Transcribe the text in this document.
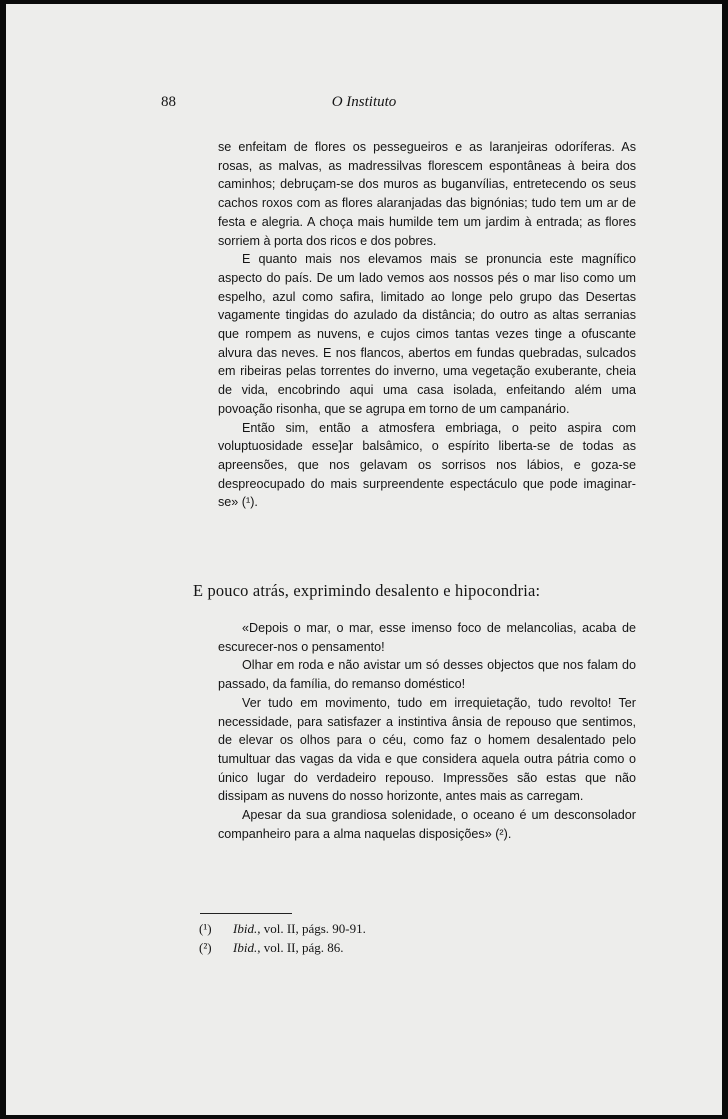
88	O Instituto

se enfeitam de flores os pessegueiros e as laranjeiras odoríferas. As rosas, as malvas, as madressilvas florescem espontâneas à beira dos caminhos; debruçam-se dos muros as buganvílias, entretecendo os seus cachos roxos com as flores alaranjadas das bignónias; tudo tem um ar de festa e alegria. A choça mais humilde tem um jardim à entrada; as flores sorriem à porta dos ricos e dos pobres.

E quanto mais nos elevamos mais se pronuncia este magnífico aspecto do país. De um lado vemos aos nossos pés o mar liso como um espelho, azul como safira, limitado ao longe pelo grupo das Desertas vagamente tingidas do azulado da distância; do outro as altas serranias que rompem as nuvens, e cujos cimos tantas vezes tinge a ofuscante alvura das neves. E nos flancos, abertos em fundas quebradas, sulcados em ribeiras pelas torrentes do inverno, uma vegetação exuberante, cheia de vida, encobrindo aqui uma casa isolada, enfeitando além uma povoação risonha, que se agrupa em torno de um campanário.

Então sim, então a atmosfera embriaga, o peito aspira com voluptuosidade esse]ar balsâmico, o espírito liberta-se de todas as apreensões, que nos gelavam os sorrisos nos lábios, e goza-se despreocupado do mais surpreendente espectáculo que pode imaginar-se» (¹).

E pouco atrás, exprimindo desalento e hipocondria:

«Depois o mar, o mar, esse imenso foco de melancolias, acaba de escurecer-nos o pensamento!

Olhar em roda e não avistar um só desses objectos que nos falam do passado, da família, do remanso doméstico!

Ver tudo em movimento, tudo em irrequietação, tudo revolto! Ter necessidade, para satisfazer a instintiva ânsia de repouso que sentimos, de elevar os olhos para o céu, como faz o homem desalentado pelo tumultuar das vagas da vida e que considera aquela outra pátria como o único lugar do verdadeiro repouso. Impressões são estas que não dissipam as nuvens do nosso horizonte, antes mais as carregam.

Apesar da sua grandiosa solenidade, o oceano é um desconsolador companheiro para a alma naquelas disposições» (²).

(¹) Ibid., vol. II, págs. 90-91.
(²) Ibid., vol. II, pág. 86.
